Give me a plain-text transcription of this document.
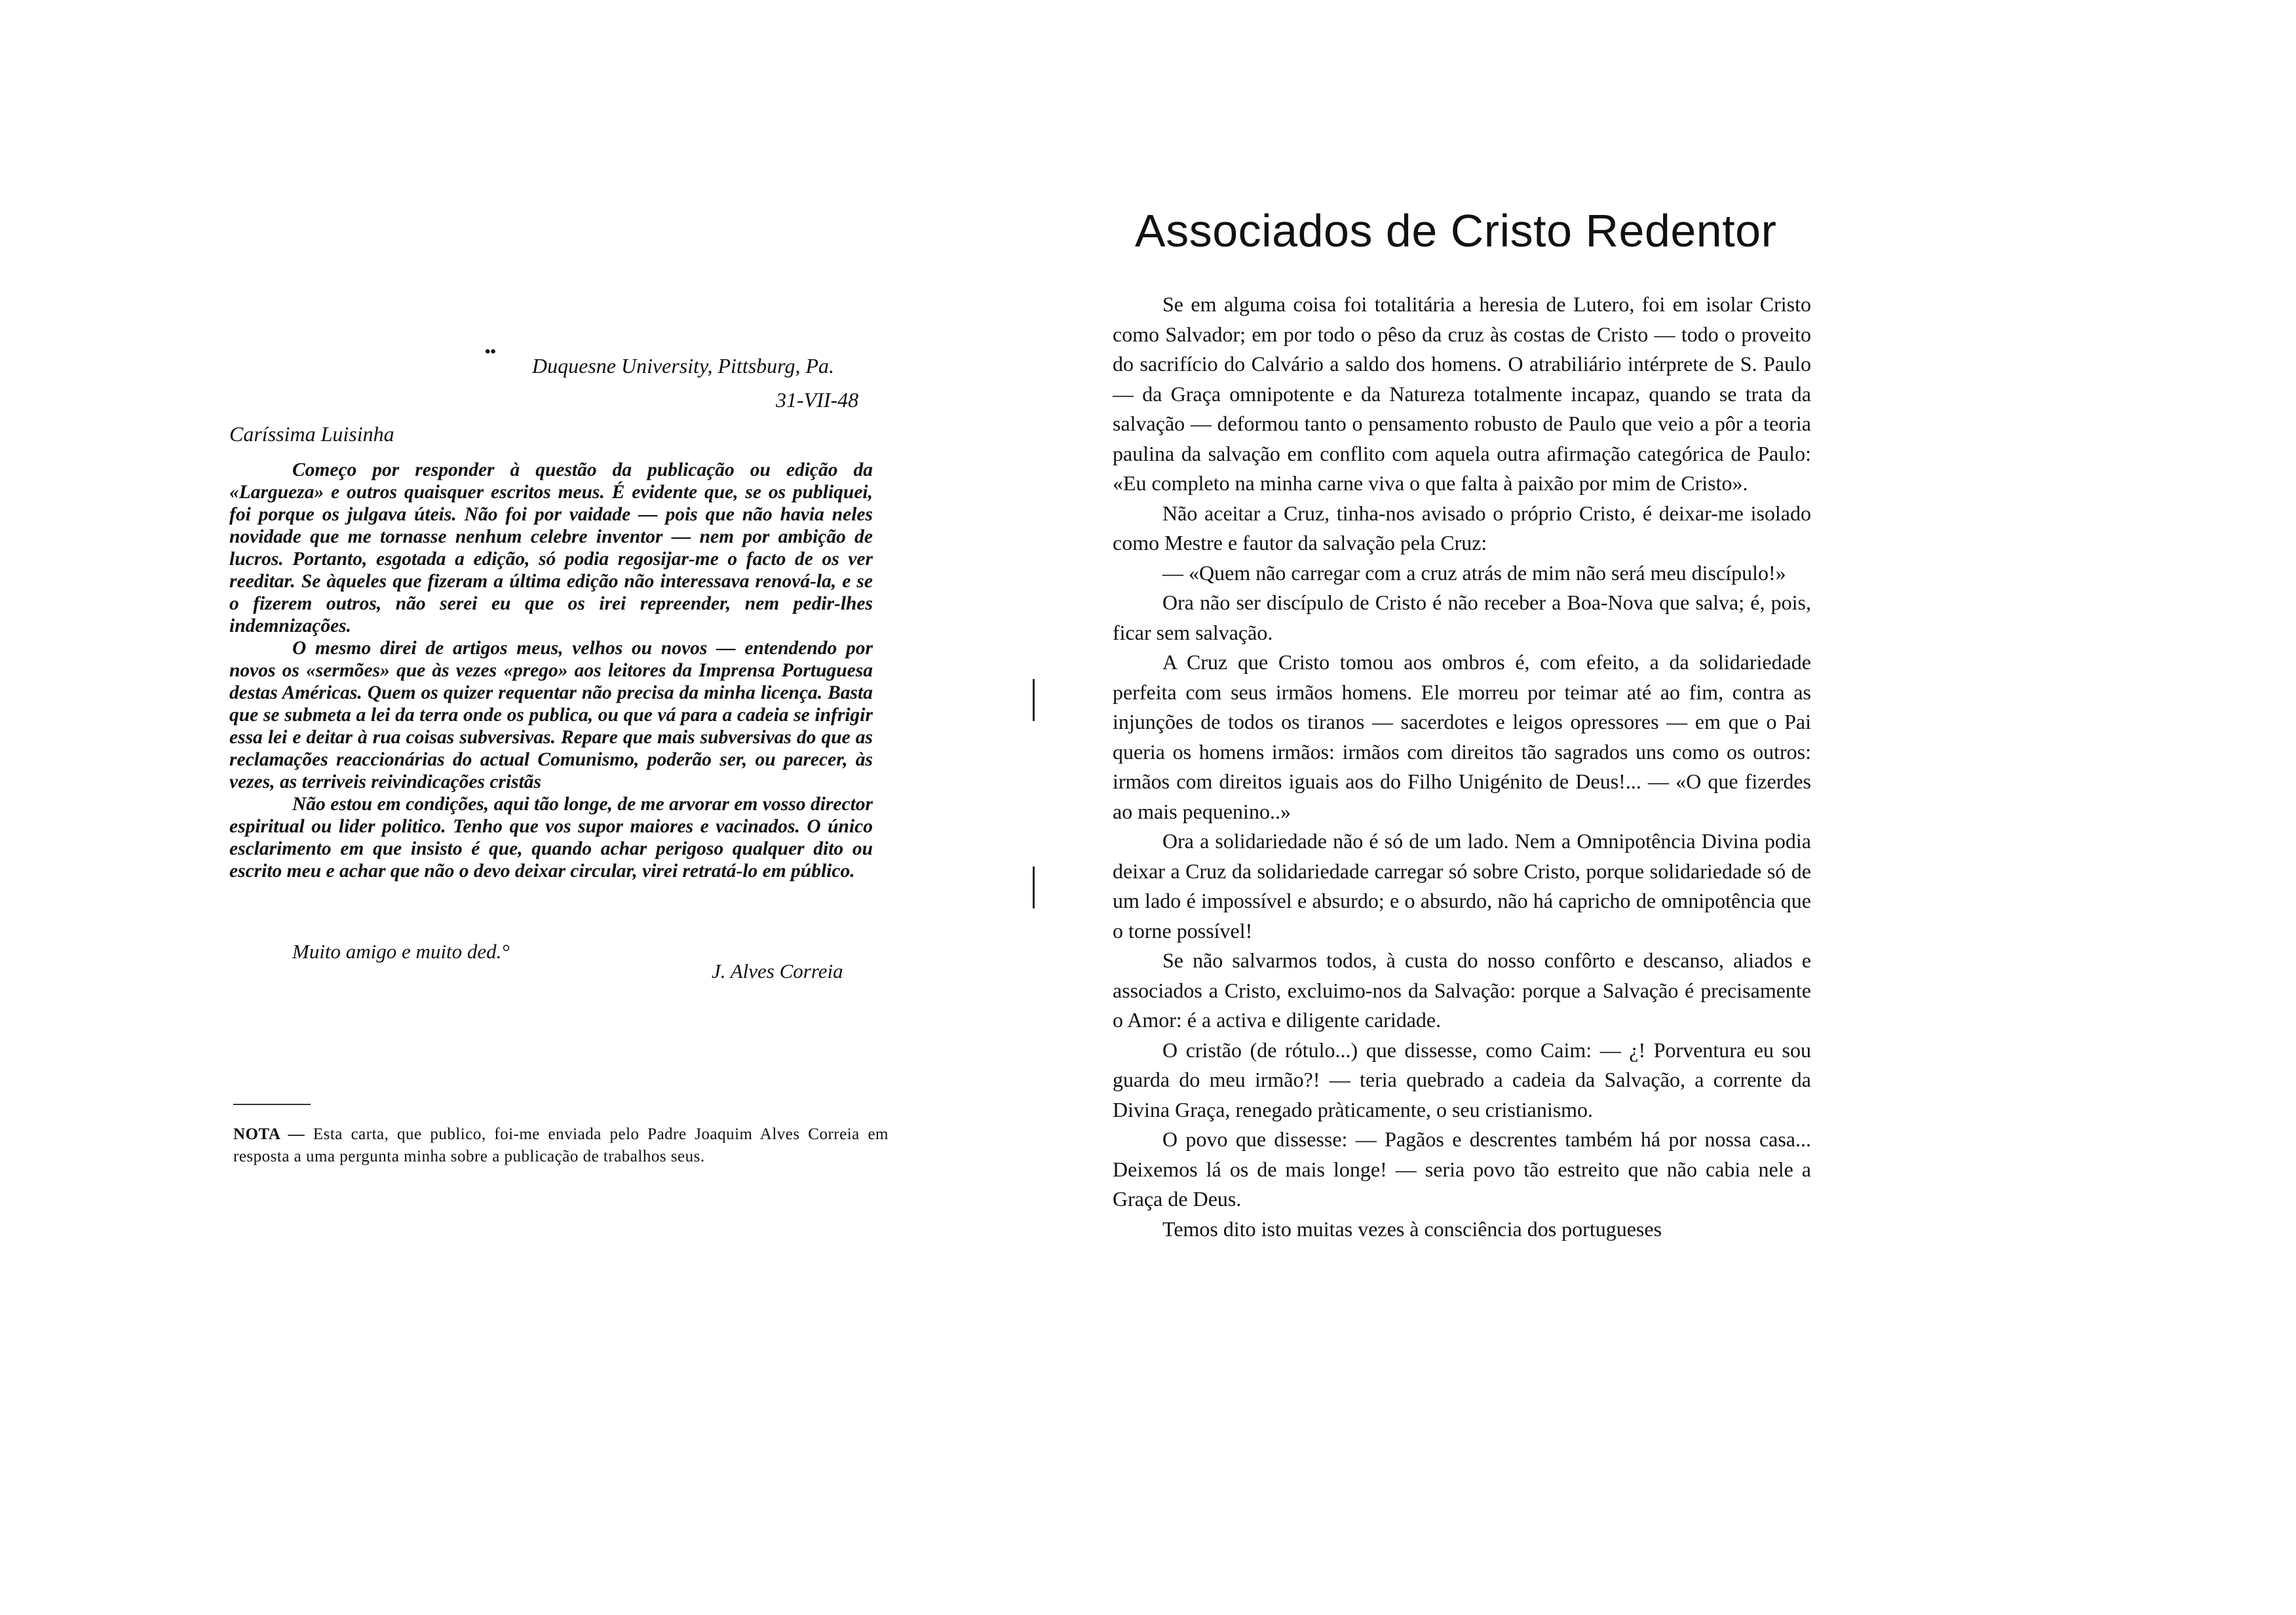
••
Duquesne University, Pittsburg, Pa.
31-VII-48
Caríssima Luisinha

Começo por responder à questão da publicação ou edição da «Largueza» e outros quaisquer escritos meus. É evidente que, se os publiquei, foi porque os julgava úteis. Não foi por vaidade — pois que não havia neles novidade que me tornasse nenhum celebre inventor — nem por ambição de lucros. Portanto, esgotada a edição, só podia regosijar-me o facto de os ver reeditar. Se àqueles que fizeram a última edição não interessava renová-la, e se o fizerem outros, não serei eu que os irei repreender, nem pedir-lhes indemnizações.

O mesmo direi de artigos meus, velhos ou novos — entendendo por novos os «sermões» que às vezes «prego» aos leitores da Imprensa Portuguesa destas Américas. Quem os quizer requentar não precisa da minha licença. Basta que se submeta a lei da terra onde os publica, ou que vá para a cadeia se infrigir essa lei e deitar à rua coisas subversivas. Repare que mais subversivas do que as reclamações reaccionárias do actual Comunismo, poderão ser, ou parecer, às vezes, as terriveis reivindicações cristãs

Não estou em condições, aqui tão longe, de me arvorar em vosso director espiritual ou lider politico. Tenho que vos supor maiores e vacinados. O único esclarimento em que insisto é que, quando achar perigoso qualquer dito ou escrito meu e achar que não o devo deixar circular, virei retratá-lo em público.

Muito amigo e muito ded.°
J. Alves Correia
NOTA — Esta carta, que publico, foi-me enviada pelo Padre Joaquim Alves Correia em resposta a uma pergunta minha sobre a publicação de trabalhos seus.
Associados de Cristo Redentor

Se em alguma coisa foi totalitária a heresia de Lutero, foi em isolar Cristo como Salvador; em por todo o pêso da cruz às costas de Cristo — todo o proveito do sacrifício do Calvário a saldo dos homens. O atrabiliário intérprete de S. Paulo — da Graça omnipotente e da Natureza totalmente incapaz, quando se trata da salvação — deformou tanto o pensamento robusto de Paulo que veio a pôr a teoria paulina da salvação em conflito com aquela outra afirmação categórica de Paulo: «Eu completo na minha carne viva o que falta à paixão por mim de Cristo».

Não aceitar a Cruz, tinha-nos avisado o próprio Cristo, é deixar-me isolado como Mestre e fautor da salvação pela Cruz:

— «Quem não carregar com a cruz atrás de mim não será meu discípulo!»

Ora não ser discípulo de Cristo é não receber a Boa-Nova que salva; é, pois, ficar sem salvação.

A Cruz que Cristo tomou aos ombros é, com efeito, a da solidariedade perfeita com seus irmãos homens. Ele morreu por teimar até ao fim, contra as injunções de todos os tiranos — sacerdotes e leigos opressores — em que o Pai queria os homens irmãos: irmãos com direitos tão sagrados uns como os outros: irmãos com direitos iguais aos do Filho Unigénito de Deus!... — «O que fizerdes ao mais pequenino..»

Ora a solidariedade não é só de um lado. Nem a Omnipotência Divina podia deixar a Cruz da solidariedade carregar só sobre Cristo, porque solidariedade só de um lado é impossível e absurdo; e o absurdo, não há capricho de omnipotência que o torne possível!

Se não salvarmos todos, à custa do nosso confôrto e descanso, aliados e associados a Cristo, excluimo-nos da Salvação: porque a Salvação é precisamente o Amor: é a activa e diligente caridade.

O cristão (de rótulo...) que dissesse, como Caim: — ¿! Porventura eu sou guarda do meu irmão?! — teria quebrado a cadeia da Salvação, a corrente da Divina Graça, renegado pràticamente, o seu cristianismo.

O povo que dissesse: — Pagãos e descrentes também há por nossa casa... Deixemos lá os de mais longe! — seria povo tão estreito que não cabia nele a Graça de Deus.

Temos dito isto muitas vezes à consciência dos portugueses
